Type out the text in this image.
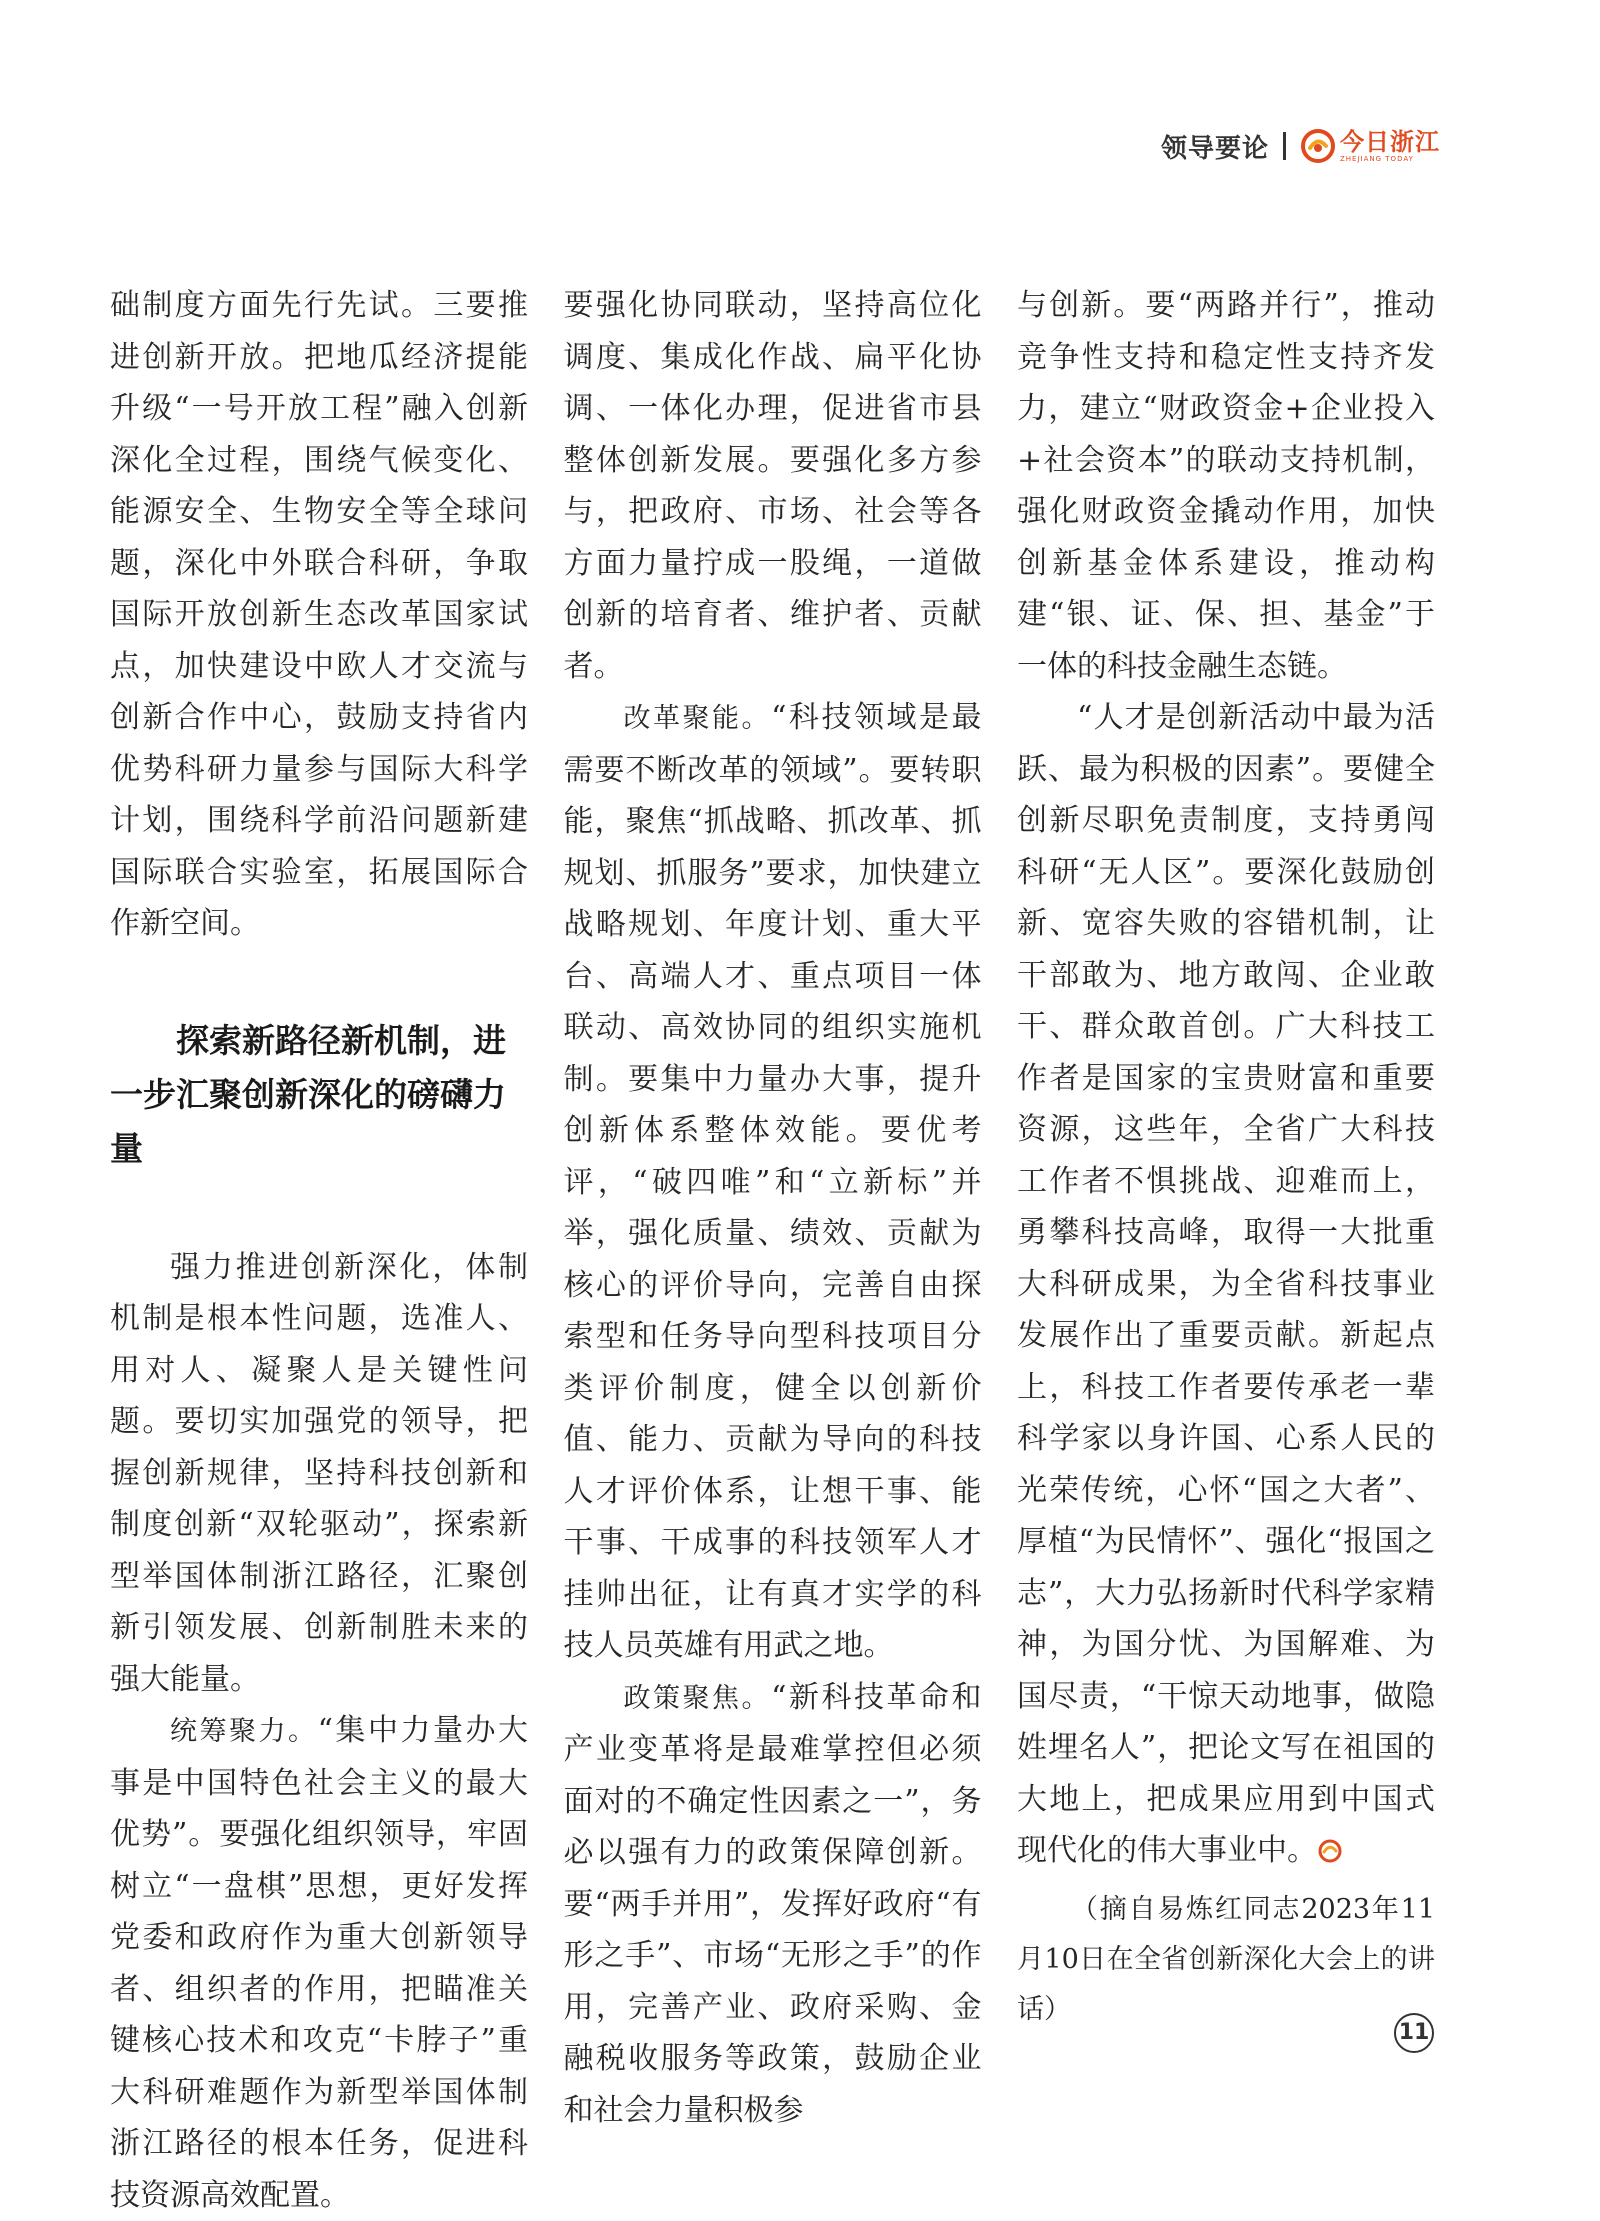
领导要论	今日浙江
ZHEJIANG TODAY

础制度方面先行先试。三要推进创新开放。把地瓜经济提能升级“一号开放工程”融入创新深化全过程，围绕气候变化、能源安全、生物安全等全球问题，深化中外联合科研，争取国际开放创新生态改革国家试点，加快建设中欧人才交流与创新合作中心，鼓励支持省内优势科研力量参与国际大科学计划，围绕科学前沿问题新建国际联合实验室，拓展国际合作新空间。

探索新路径新机制，进一步汇聚创新深化的磅礴力量

强力推进创新深化，体制机制是根本性问题，选准人、用对人、凝聚人是关键性问题。要切实加强党的领导，把握创新规律，坚持科技创新和制度创新“双轮驱动”，探索新型举国体制浙江路径，汇聚创新引领发展、创新制胜未来的强大能量。

统筹聚力。“集中力量办大事是中国特色社会主义的最大优势”。要强化组织领导，牢固树立“一盘棋”思想，更好发挥党委和政府作为重大创新领导者、组织者的作用，把瞄准关键核心技术和攻克“卡脖子”重大科研难题作为新型举国体制浙江路径的根本任务，促进科技资源高效配置。

要强化协同联动，坚持高位化调度、集成化作战、扁平化协调、一体化办理，促进省市县整体创新发展。要强化多方参与，把政府、市场、社会等各方面力量拧成一股绳，一道做创新的培育者、维护者、贡献者。

改革聚能。“科技领域是最需要不断改革的领域”。要转职能，聚焦“抓战略、抓改革、抓规划、抓服务”要求，加快建立战略规划、年度计划、重大平台、高端人才、重点项目一体联动、高效协同的组织实施机制。要集中力量办大事，提升创新体系整体效能。要优考评，“破四唯”和“立新标”并举，强化质量、绩效、贡献为核心的评价导向，完善自由探索型和任务导向型科技项目分类评价制度，健全以创新价值、能力、贡献为导向的科技人才评价体系，让想干事、能干事、干成事的科技领军人才挂帅出征，让有真才实学的科技人员英雄有用武之地。

政策聚焦。“新科技革命和产业变革将是最难掌控但必须面对的不确定性因素之一”，务必以强有力的政策保障创新。要“两手并用”，发挥好政府“有形之手”、市场“无形之手”的作用，完善产业、政府采购、金融税收服务等政策，鼓励企业和社会力量积极参

与创新。要“两路并行”，推动竞争性支持和稳定性支持齐发力，建立“财政资金+企业投入+社会资本”的联动支持机制，强化财政资金撬动作用，加快创新基金体系建设，推动构建“银、证、保、担、基金”于一体的科技金融生态链。

“人才是创新活动中最为活跃、最为积极的因素”。要健全创新尽职免责制度，支持勇闯科研“无人区”。要深化鼓励创新、宽容失败的容错机制，让干部敢为、地方敢闯、企业敢干、群众敢首创。广大科技工作者是国家的宝贵财富和重要资源，这些年，全省广大科技工作者不惧挑战、迎难而上，勇攀科技高峰，取得一大批重大科研成果，为全省科技事业发展作出了重要贡献。新起点上，科技工作者要传承老一辈科学家以身许国、心系人民的光荣传统，心怀“国之大者”、厚植“为民情怀”、强化“报国之志”，大力弘扬新时代科学家精神，为国分忧、为国解难、为国尽责，“干惊天动地事，做隐姓埋名人”，把论文写在祖国的大地上，把成果应用到中国式现代化的伟大事业中。

（摘自易炼红同志2023年11月10日在全省创新深化大会上的讲话）

11
